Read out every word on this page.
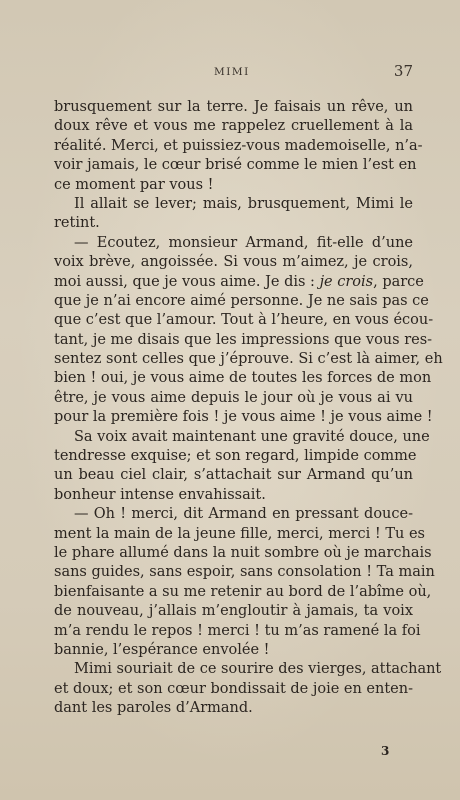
MIMI	37
brusquement sur la terre. Je faisais un rêve, un
doux rêve et vous me rappelez cruellement à la
réalité. Merci, et puissiez-vous mademoiselle, n’a-
voir jamais, le cœur brisé comme le mien l’est en
ce moment par vous !
Il allait se lever; mais, brusquement, Mimi le
retint.
— Ecoutez, monsieur Armand, fit-elle d’une
voix brève, angoissée. Si vous m’aimez, je crois,
moi aussi, que je vous aime. Je dis : je crois, parce
que je n’ai encore aimé personne. Je ne sais pas ce
que c’est que l’amour. Tout à l’heure, en vous écou-
tant, je me disais que les impressions que vous res-
sentez sont celles que j’éprouve. Si c’est là aimer, eh
bien ! oui, je vous aime de toutes les forces de mon
être, je vous aime depuis le jour où je vous ai vu
pour la première fois ! je vous aime ! je vous aime !
Sa voix avait maintenant une gravité douce, une
tendresse exquise; et son regard, limpide comme
un beau ciel clair, s’attachait sur Armand qu’un
bonheur intense envahissait.
— Oh ! merci, dit Armand en pressant douce-
ment la main de la jeune fille, merci, merci ! Tu es
le phare allumé dans la nuit sombre où je marchais
sans guides, sans espoir, sans consolation ! Ta main
bienfaisante a su me retenir au bord de l’abîme où,
de nouveau, j’allais m’engloutir à jamais, ta voix
m’a rendu le repos ! merci ! tu m’as ramené la foi
bannie, l’espérance envolée !
Mimi souriait de ce sourire des vierges, attachant
et doux; et son cœur bondissait de joie en enten-
dant les paroles d’Armand.
3
